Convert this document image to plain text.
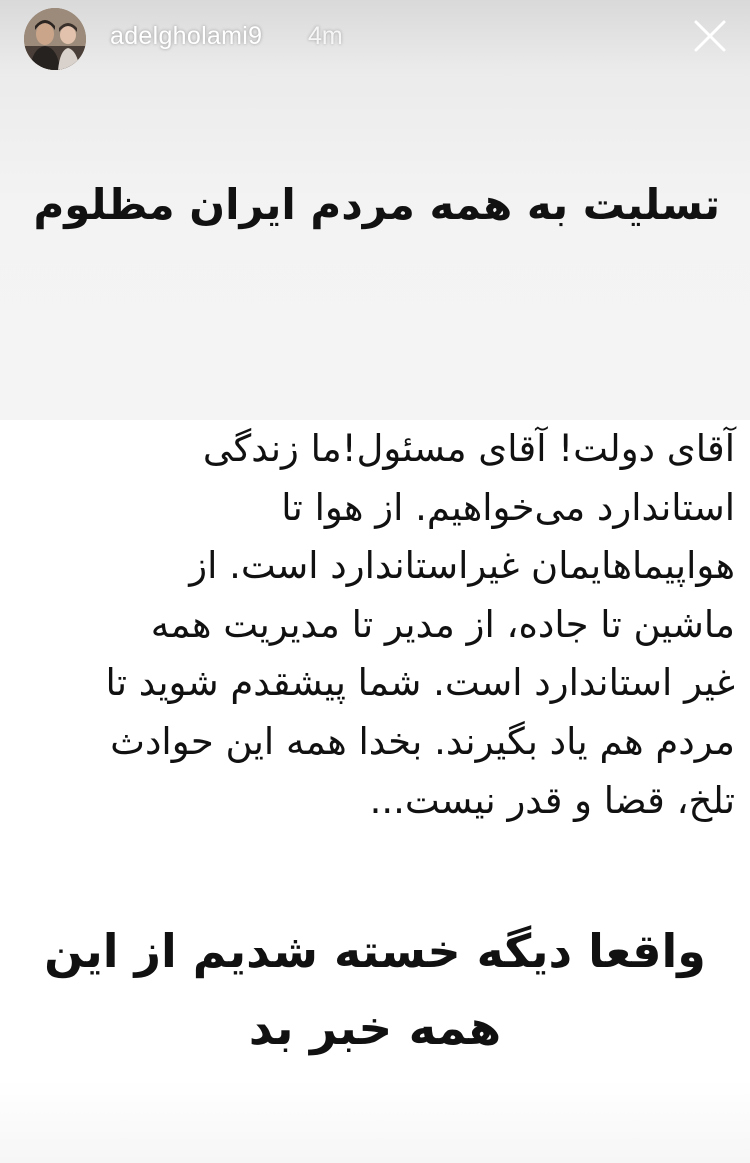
adelgholami9 4m
تسلیت به همه مردم ایران مظلوم
آقای دولت! آقای مسئول!ما زندگی
استاندارد می‌خواهیم. از هوا تا
هواپیماهایمان غیراستاندارد است. از
ماشین تا جاده، از مدیر تا مدیریت همه
غیر استاندارد است. شما پیشقدم شوید تا
مردم هم یاد بگیرند. بخدا همه این حوادث
تلخ، قضا و قدر نیست...
واقعا دیگه خسته شدیم از این
همه خبر بد
